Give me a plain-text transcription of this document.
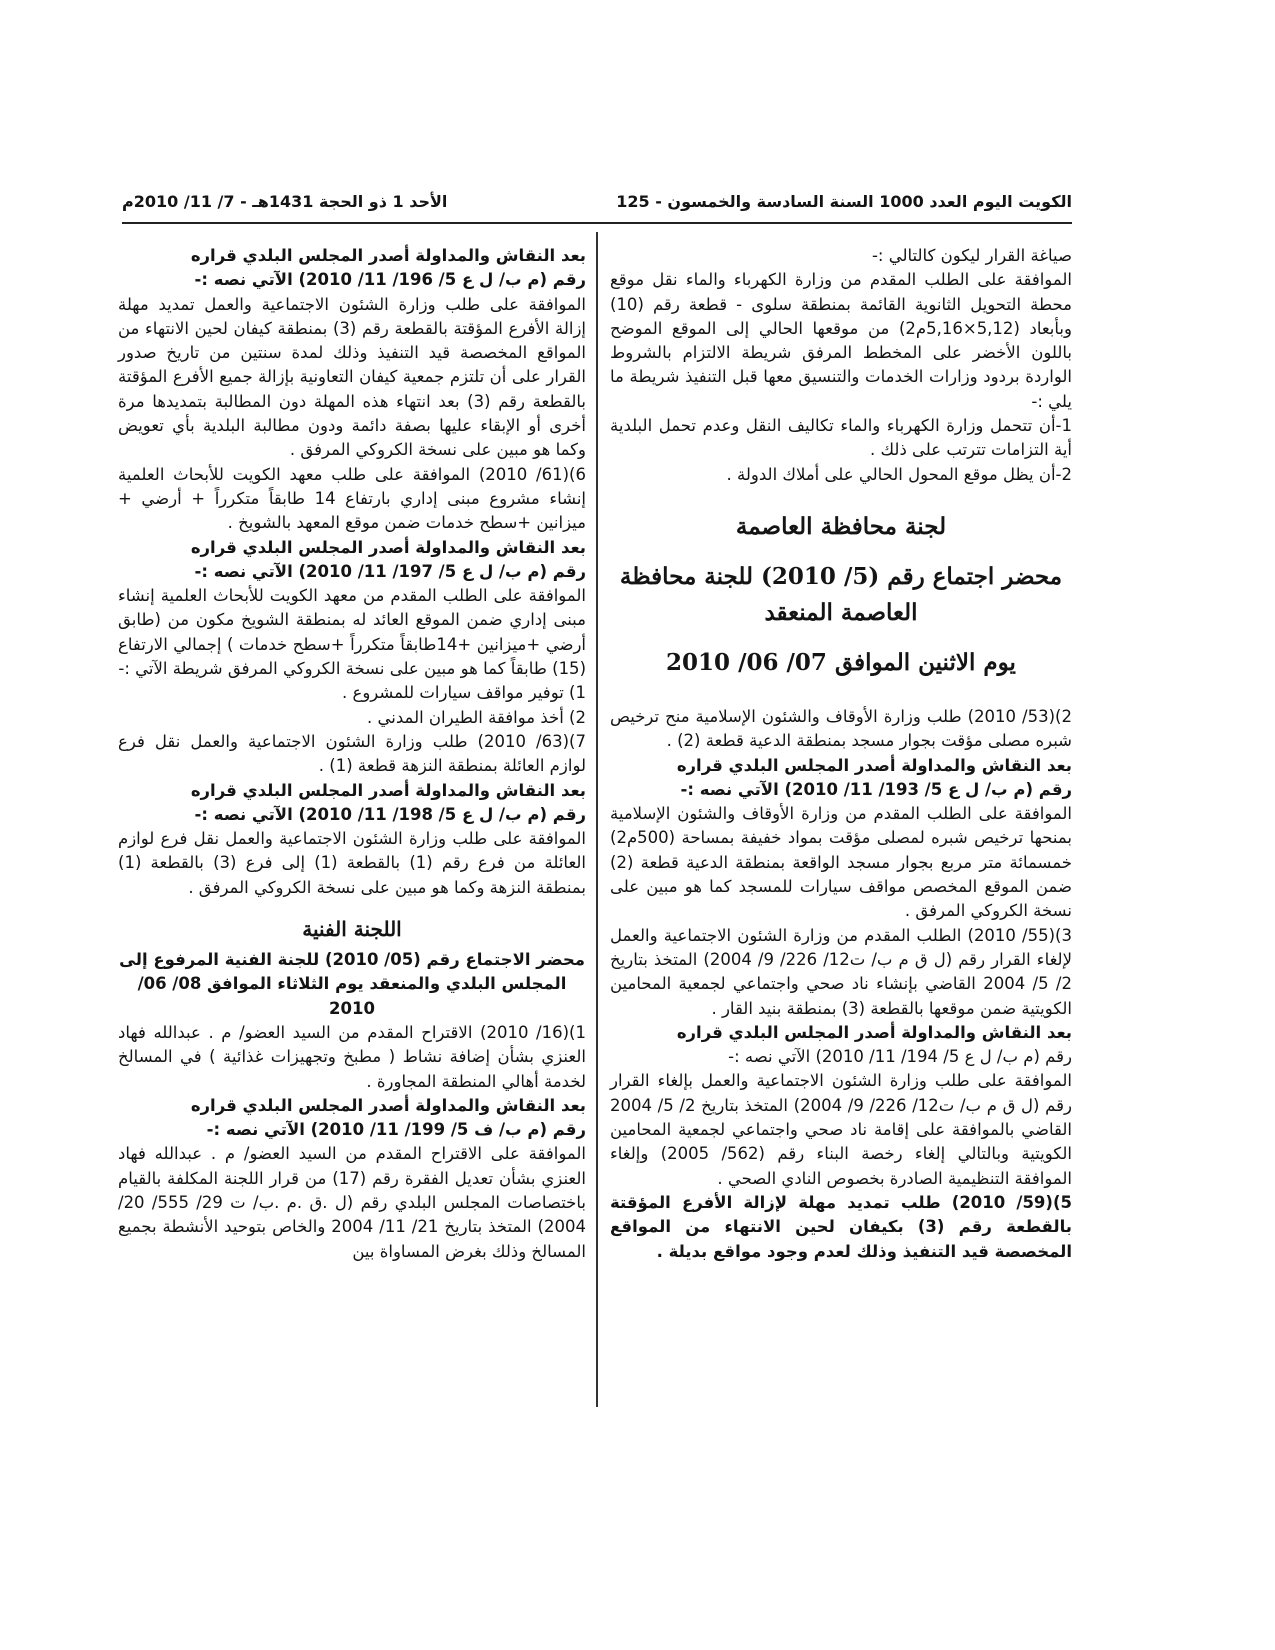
الكويت اليوم العدد 1000 السنة السادسة والخمسون - 125
الأحد 1 ذو الحجة 1431هـ - 7/ 11/ 2010م

صياغة القرار ليكون كالتالي :-

الموافقة على الطلب المقدم من وزارة الكهرباء والماء نقل موقع محطة التحويل الثانوية القائمة بمنطقة سلوى - قطعة رقم (10) وبأبعاد (5,12×5,16م2) من موقعها الحالي إلى الموقع الموضح باللون الأخضر على المخطط المرفق شريطة الالتزام بالشروط الواردة بردود وزارات الخدمات والتنسيق معها قبل التنفيذ شريطة ما يلي :-

1-أن تتحمل وزارة الكهرباء والماء تكاليف النقل وعدم تحمل البلدية أية التزامات تترتب على ذلك .

2-أن يظل موقع المحول الحالي على أملاك الدولة .

لجنة محافظة العاصمة
محضر اجتماع رقم (5/ 2010) للجنة محافظة العاصمة المنعقد
يوم الاثنين الموافق 07/ 06/ 2010

2)(53/ 2010) طلب وزارة الأوقاف والشئون الإسلامية منح ترخيص شبره مصلى مؤقت بجوار مسجد بمنطقة الدعية قطعة (2) .

بعد النقاش والمداولة أصدر المجلس البلدي قراره

رقم (م ب/ ل ع 5/ 193/ 11/ 2010) الآتي نصه :-

الموافقة على الطلب المقدم من وزارة الأوقاف والشئون الإسلامية بمنحها ترخيص شبره لمصلى مؤقت بمواد خفيفة بمساحة (500م2) خمسمائة متر مربع بجوار مسجد الواقعة بمنطقة الدعية قطعة (2) ضمن الموقع المخصص مواقف سيارات للمسجد كما هو مبين على نسخة الكروكي المرفق .

3)(55/ 2010) الطلب المقدم من وزارة الشئون الاجتماعية والعمل لإلغاء القرار رقم (ل ق م ب/ ت12/ 226/ 9/ 2004) المتخذ بتاريخ 2/ 5/ 2004 القاضي بإنشاء ناد صحي واجتماعي لجمعية المحامين الكويتية ضمن موقعها بالقطعة (3) بمنطقة بنيد القار .

بعد النقاش والمداولة أصدر المجلس البلدي قراره

رقم (م ب/ ل ع 5/ 194/ 11/ 2010) الآتي نصه :-

الموافقة على طلب وزارة الشئون الاجتماعية والعمل بإلغاء القرار رقم (ل ق م ب/ ت12/ 226/ 9/ 2004) المتخذ بتاريخ 2/ 5/ 2004 القاضي بالموافقة على إقامة ناد صحي واجتماعي لجمعية المحامين الكويتية وبالتالي إلغاء رخصة البناء رقم (562/ 2005) وإلغاء الموافقة التنظيمية الصادرة بخصوص النادي الصحي .

5)(59/ 2010) طلب تمديد مهلة لإزالة الأفرع المؤقتة بالقطعة رقم (3) بكيفان لحين الانتهاء من المواقع المخصصة قيد التنفيذ وذلك لعدم وجود مواقع بديلة .

بعد النقاش والمداولة أصدر المجلس البلدي قراره

رقم (م ب/ ل ع 5/ 196/ 11/ 2010) الآتي نصه :-

الموافقة على طلب وزارة الشئون الاجتماعية والعمل تمديد مهلة إزالة الأفرع المؤقتة بالقطعة رقم (3) بمنطقة كيفان لحين الانتهاء من المواقع المخصصة قيد التنفيذ وذلك لمدة سنتين من تاريخ صدور القرار على أن تلتزم جمعية كيفان التعاونية بإزالة جميع الأفرع المؤقتة بالقطعة رقم (3) بعد انتهاء هذه المهلة دون المطالبة بتمديدها مرة أخرى أو الإبقاء عليها بصفة دائمة ودون مطالبة البلدية بأي تعويض وكما هو مبين على نسخة الكروكي المرفق .

6)(61/ 2010) الموافقة على طلب معهد الكويت للأبحاث العلمية إنشاء مشروع مبنى إداري بارتفاع 14 طابقاً متكرراً + أرضي + ميزانين +سطح خدمات ضمن موقع المعهد بالشويخ .

بعد النقاش والمداولة أصدر المجلس البلدي قراره

رقم (م ب/ ل ع 5/ 197/ 11/ 2010) الآتي نصه :-

الموافقة على الطلب المقدم من معهد الكويت للأبحاث العلمية إنشاء مبنى إداري ضمن الموقع العائد له بمنطقة الشويخ مكون من (طابق أرضي +ميزانين +14طابقاً متكرراً +سطح خدمات ) إجمالي الارتفاع (15) طابقاً كما هو مبين على نسخة الكروكي المرفق شريطة الآتي :-

1) توفير مواقف سيارات للمشروع .

2) أخذ موافقة الطيران المدني .

7)(63/ 2010) طلب وزارة الشئون الاجتماعية والعمل نقل فرع لوازم العائلة بمنطقة النزهة قطعة (1) .

بعد النقاش والمداولة أصدر المجلس البلدي قراره

رقم (م ب/ ل ع 5/ 198/ 11/ 2010) الآتي نصه :-

الموافقة على طلب وزارة الشئون الاجتماعية والعمل نقل فرع لوازم العائلة من فرع رقم (1) بالقطعة (1) إلى فرع (3) بالقطعة (1) بمنطقة النزهة وكما هو مبين على نسخة الكروكي المرفق .

اللجنة الفنية
محضر الاجتماع رقم (05/ 2010) للجنة الفنية المرفوع إلى المجلس البلدي والمنعقد يوم الثلاثاء الموافق 08/ 06/ 2010

1)(16/ 2010) الاقتراح المقدم من السيد العضو/ م . عبدالله فهاد العنزي بشأن إضافة نشاط ( مطبخ وتجهيزات غذائية ) في المسالخ لخدمة أهالي المنطقة المجاورة .

بعد النقاش والمداولة أصدر المجلس البلدي قراره

رقم (م ب/ ف 5/ 199/ 11/ 2010) الآتي نصه :-

الموافقة على الاقتراح المقدم من السيد العضو/ م . عبدالله فهاد العنزي بشأن تعديل الفقرة رقم (17) من قرار اللجنة المكلفة بالقيام باختصاصات المجلس البلدي رقم (ل .ق .م .ب/ ت 29/ 555/ 20/ 2004) المتخذ بتاريخ 21/ 11/ 2004 والخاص بتوحيد الأنشطة بجميع المسالخ وذلك بغرض المساواة بين
